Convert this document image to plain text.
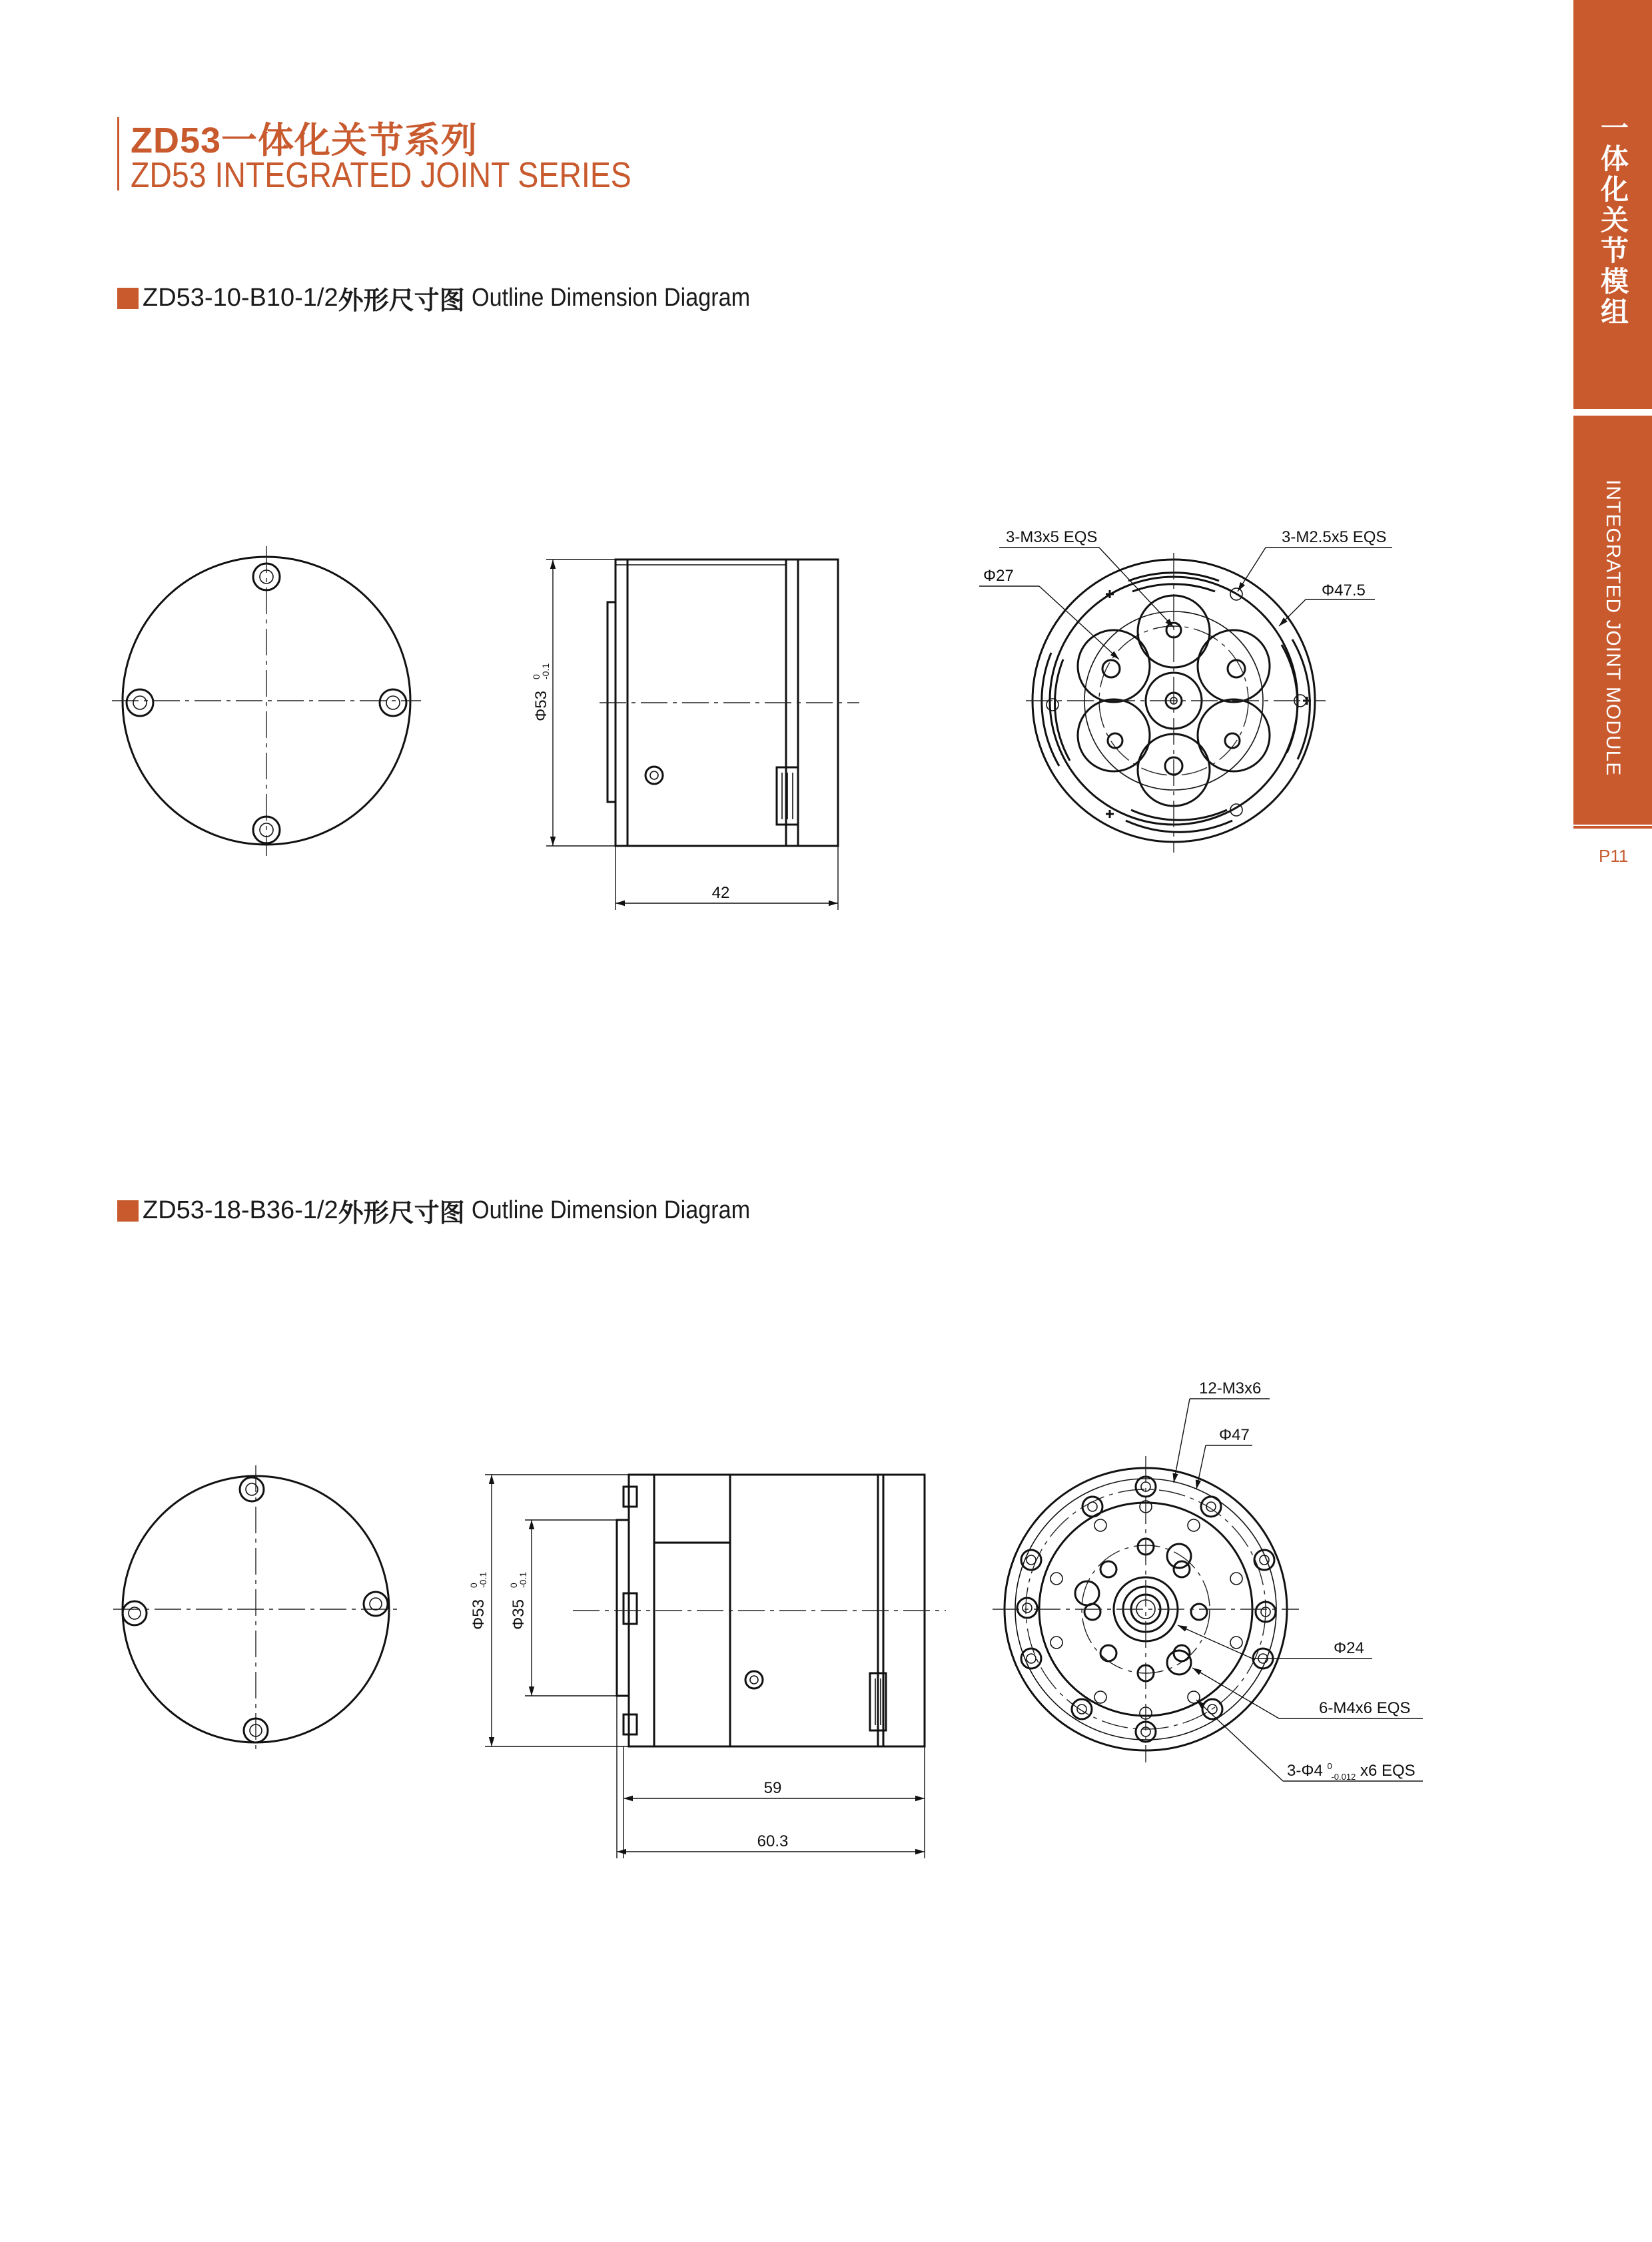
ZD53一体化关节系列
ZD53 INTEGRATED JOINT SERIES	一体化关节模组
INTEGRATED JOINT MODULE
P11
ZD53-10-B10-1/2 外形尺寸图
Outline Dimension Diagram
ZD53-18-B36-1/2 外形尺寸图
Outline Dimension Diagram
Φ53
0
-0.1
42
3-M3x5 EQS	3-M2.5x5 EQS
Φ27
Φ47.5
Φ53
0
-0.1
Φ35
0
-0.1
59
60.3
12-M3x6
Φ47
Φ24
6-M4x6 EQS
3-Φ4 $^0$ -0.012 x6 EQS
